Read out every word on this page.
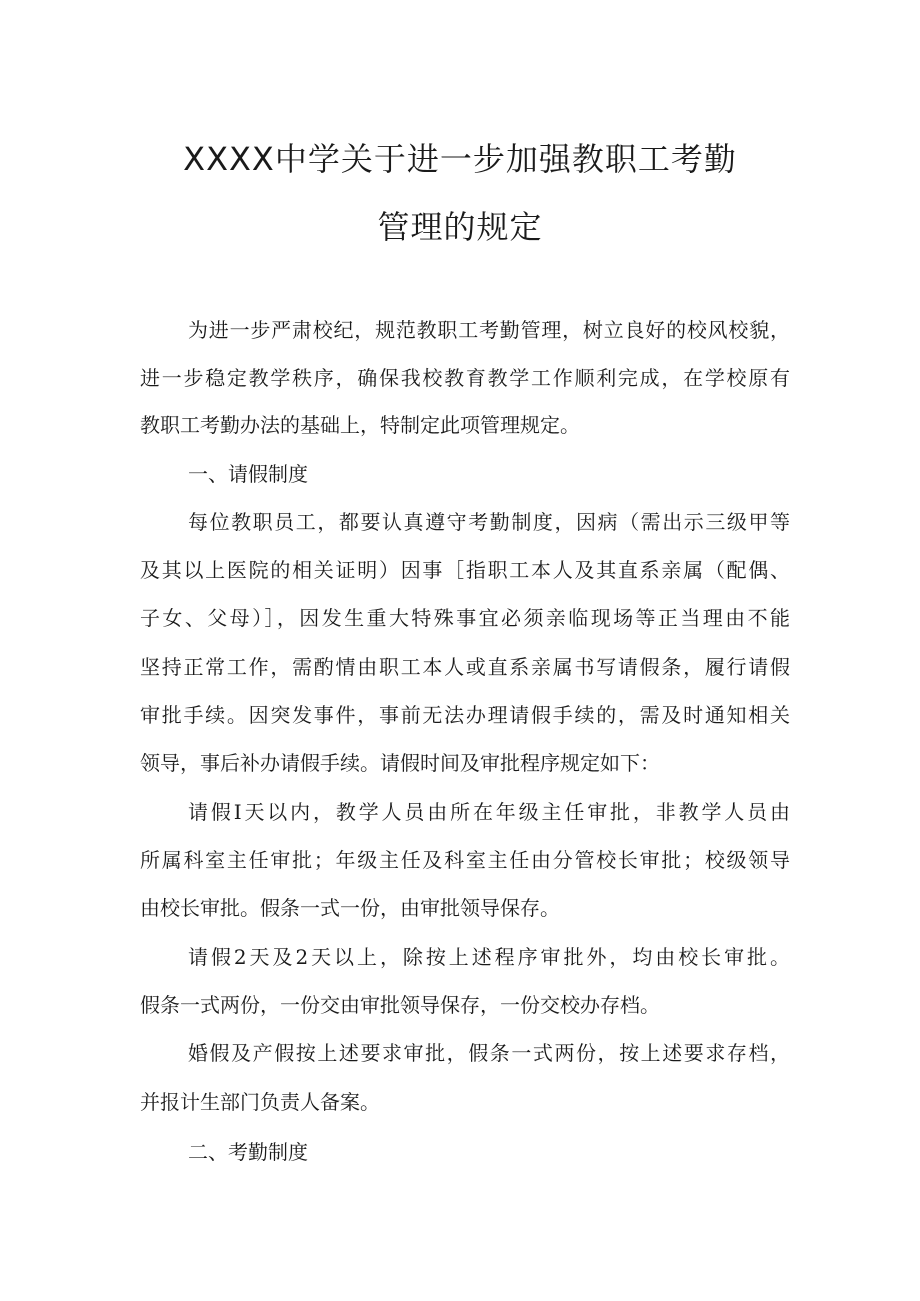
XXXX中学关于进一步加强教职工考勤
管理的规定

为进一步严肃校纪，规范教职工考勤管理，树立良好的校风校貌，

进一步稳定教学秩序，确保我校教育教学工作顺利完成，在学校原有

教职工考勤办法的基础上，特制定此项管理规定。

一、请假制度

每位教职员工，都要认真遵守考勤制度，因病（需出示三级甲等

及其以上医院的相关证明）因事［指职工本人及其直系亲属（配偶、

子女、父母）］，因发生重大特殊事宜必须亲临现场等正当理由不能

坚持正常工作，需酌情由职工本人或直系亲属书写请假条，履行请假

审批手续。因突发事件，事前无法办理请假手续的，需及时通知相关

领导，事后补办请假手续。请假时间及审批程序规定如下：

请假Ⅰ天以内，教学人员由所在年级主任审批，非教学人员由

所属科室主任审批；年级主任及科室主任由分管校长审批；校级领导

由校长审批。假条一式一份，由审批领导保存。

请假2天及2天以上，除按上述程序审批外，均由校长审批。

假条一式两份，一份交由审批领导保存，一份交校办存档。

婚假及产假按上述要求审批，假条一式两份，按上述要求存档，

并报计生部门负责人备案。

二、考勤制度
